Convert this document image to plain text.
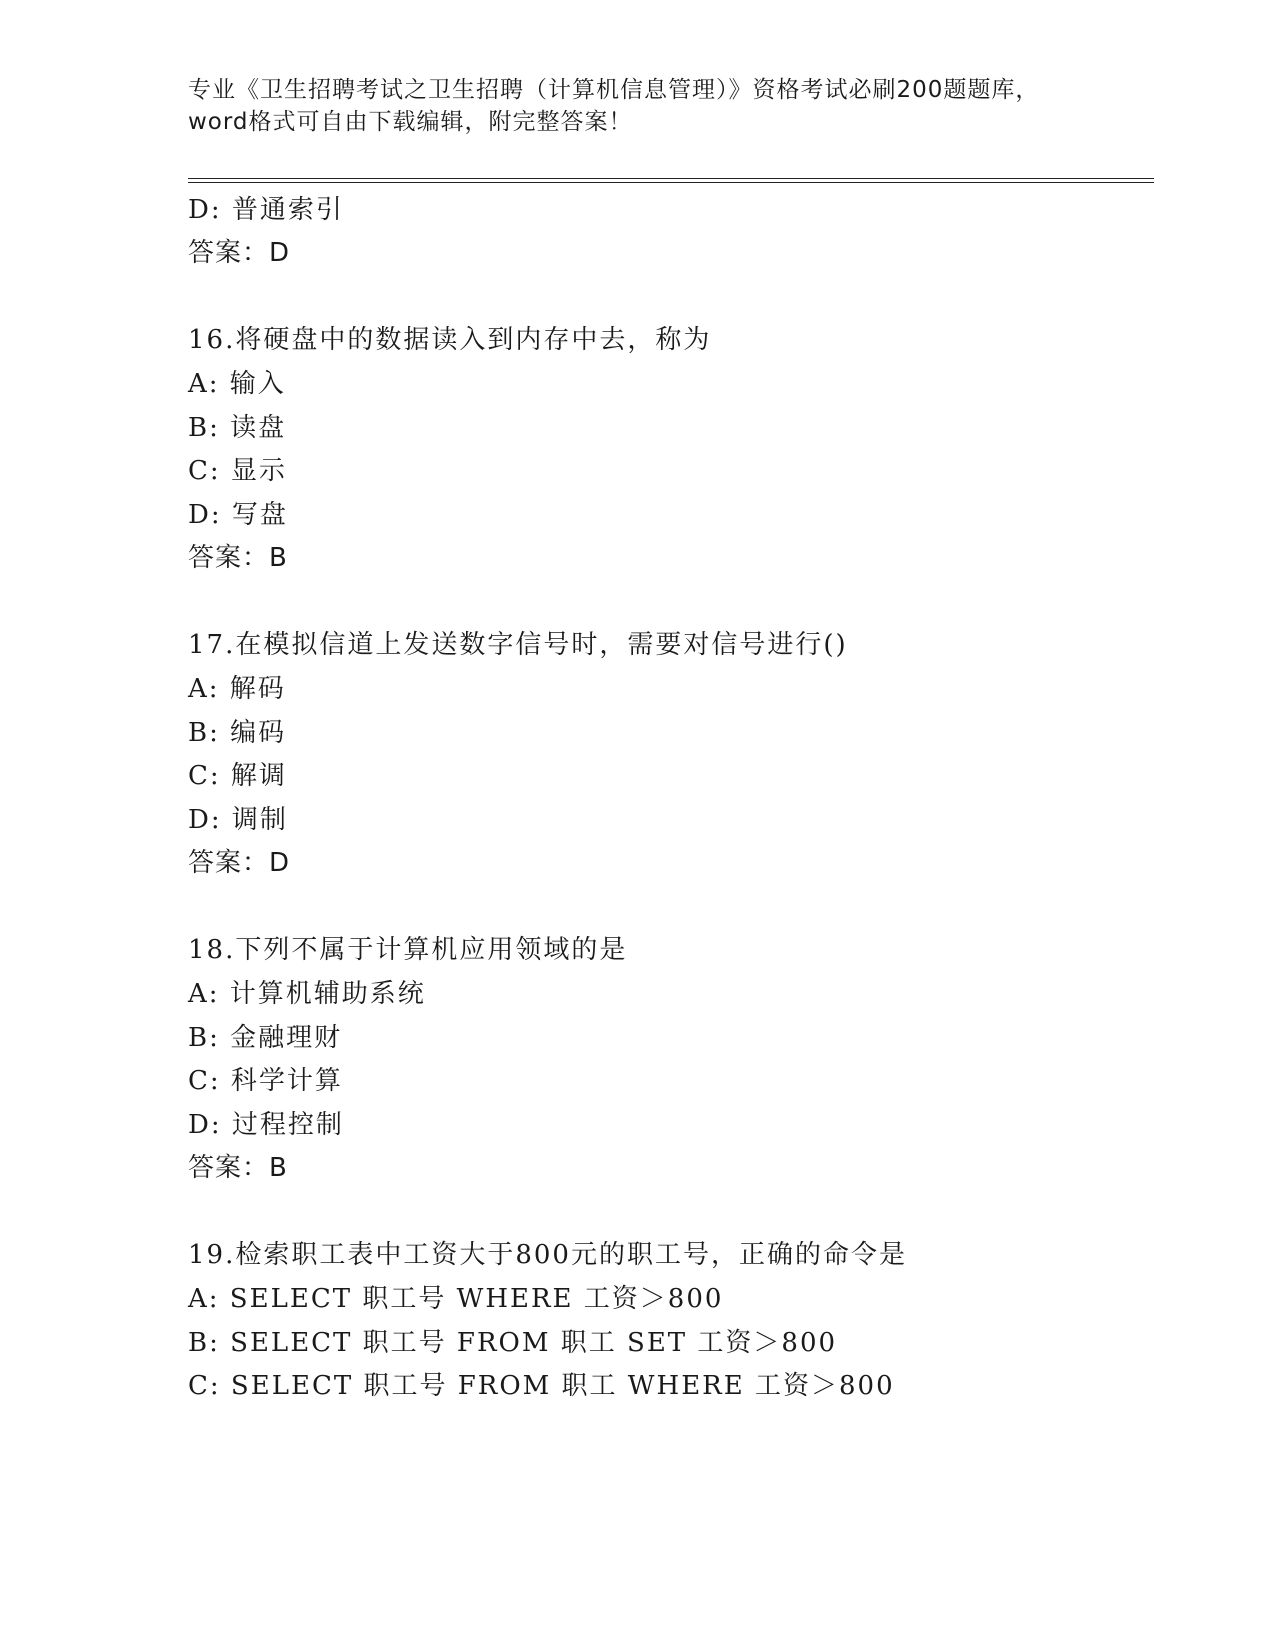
专业《卫生招聘考试之卫生招聘（计算机信息管理）》资格考试必刷200题题库，
word格式可自由下载编辑，附完整答案！
D: 普通索引
答案：D
16.将硬盘中的数据读入到内存中去，称为
A: 输入
B: 读盘
C: 显示
D: 写盘
答案：B
17.在模拟信道上发送数字信号时，需要对信号进行()
A: 解码
B: 编码
C: 解调
D: 调制
答案：D
18.下列不属于计算机应用领域的是
A: 计算机辅助系统
B: 金融理财
C: 科学计算
D: 过程控制
答案：B
19.检索职工表中工资大于800元的职工号，正确的命令是
A: SELECT 职工号 WHERE 工资＞800
B: SELECT 职工号 FROM 职工 SET 工资＞800
C: SELECT 职工号 FROM 职工 WHERE 工资＞800
